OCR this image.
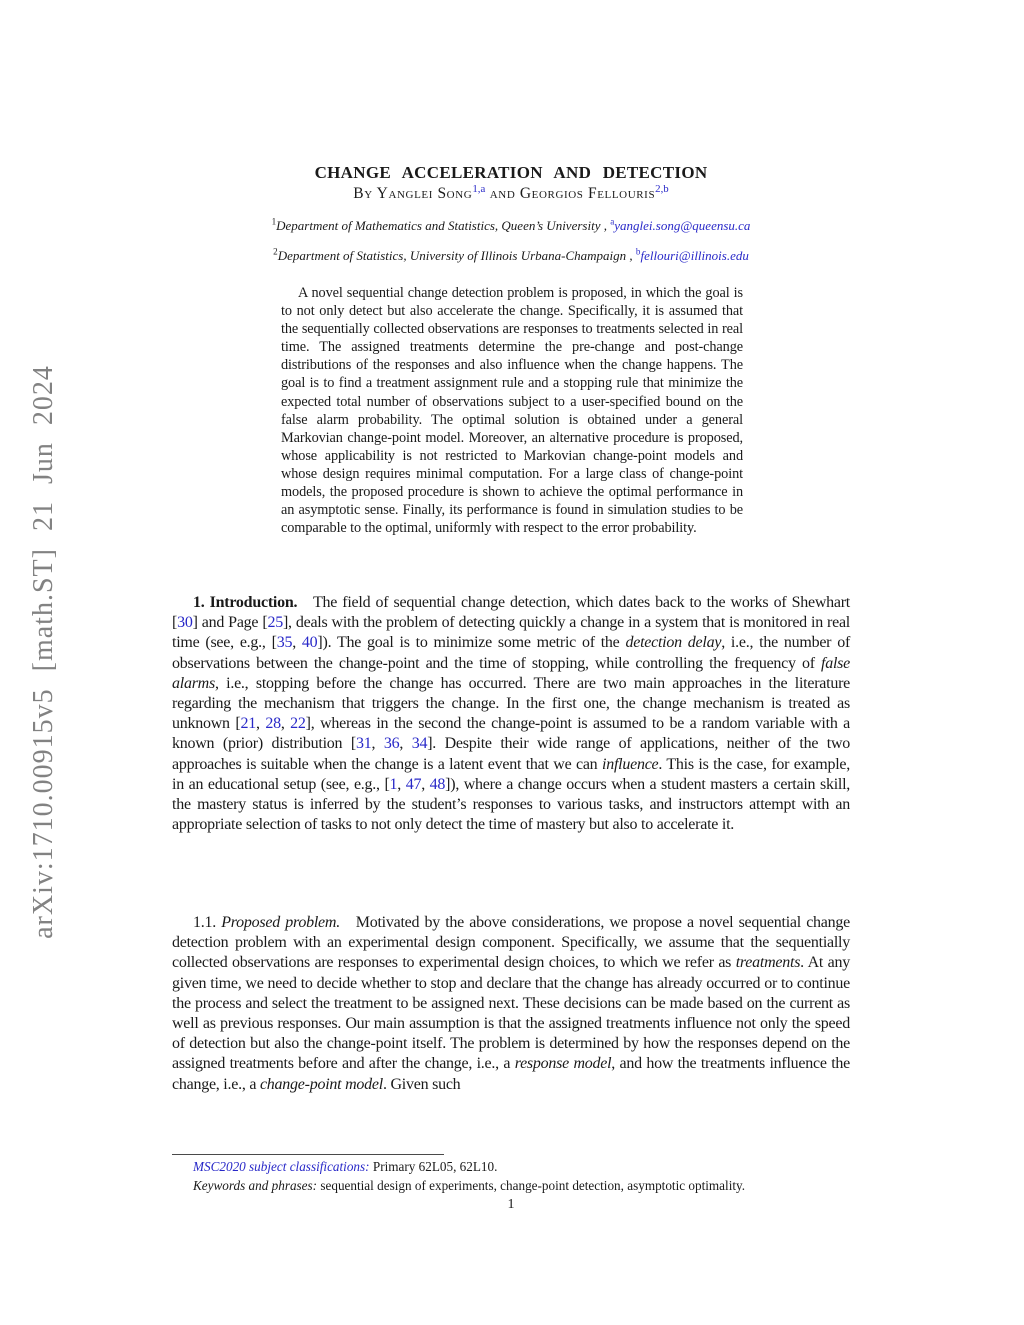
arXiv:1710.00915v5 [math.ST] 21 Jun 2024
CHANGE ACCELERATION AND DETECTION
By Yanglei Song$^{1,a}$ and Georgios Fellouris$^{2,b}$
$^1$Department of Mathematics and Statistics, Queen’s University , $^a$yanglei.song@queensu.ca
$^2$Department of Statistics, University of Illinois Urbana-Champaign , $^b$fellouri@illinois.edu
A novel sequential change detection problem is proposed, in which the goal is to not only detect but also accelerate the change. Specifically, it is assumed that the sequentially collected observations are responses to treatments selected in real time. The assigned treatments determine the pre-change and post-change distributions of the responses and also influence when the change happens. The goal is to find a treatment assignment rule and a stopping rule that minimize the expected total number of observations subject to a user-specified bound on the false alarm probability. The optimal solution is obtained under a general Markovian change-point model. Moreover, an alternative procedure is proposed, whose applicability is not restricted to Markovian change-point models and whose design requires minimal computation. For a large class of change-point models, the proposed procedure is shown to achieve the optimal performance in an asymptotic sense. Finally, its performance is found in simulation studies to be comparable to the optimal, uniformly with respect to the error probability.
1. Introduction. The field of sequential change detection, which dates back to the works of Shewhart [30] and Page [25], deals with the problem of detecting quickly a change in a system that is monitored in real time (see, e.g., [35, 40]). The goal is to minimize some metric of the detection delay, i.e., the number of observations between the change-point and the time of stopping, while controlling the frequency of false alarms, i.e., stopping before the change has occurred. There are two main approaches in the literature regarding the mechanism that triggers the change. In the first one, the change mechanism is treated as unknown [21, 28, 22], whereas in the second the change-point is assumed to be a random variable with a known (prior) distribution [31, 36, 34]. Despite their wide range of applications, neither of the two approaches is suitable when the change is a latent event that we can influence. This is the case, for example, in an educational setup (see, e.g., [1, 47, 48]), where a change occurs when a student masters a certain skill, the mastery status is inferred by the student’s responses to various tasks, and instructors attempt with an appropriate selection of tasks to not only detect the time of mastery but also to accelerate it.
1.1. Proposed problem. Motivated by the above considerations, we propose a novel sequential change detection problem with an experimental design component. Specifically, we assume that the sequentially collected observations are responses to experimental design choices, to which we refer as treatments. At any given time, we need to decide whether to stop and declare that the change has already occurred or to continue the process and select the treatment to be assigned next. These decisions can be made based on the current as well as previous responses. Our main assumption is that the assigned treatments influence not only the speed of detection but also the change-point itself. The problem is determined by how the responses depend on the assigned treatments before and after the change, i.e., a response model, and how the treatments influence the change, i.e., a change-point model. Given such
MSC2020 subject classifications: Primary 62L05, 62L10.
Keywords and phrases: sequential design of experiments, change-point detection, asymptotic optimality.
1
